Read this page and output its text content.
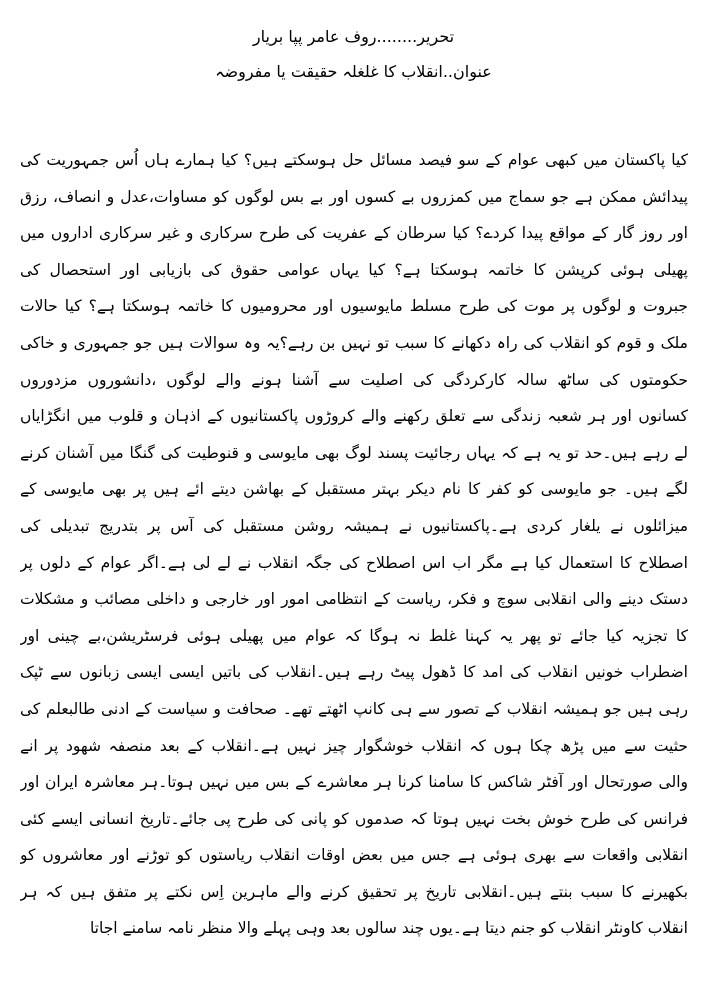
تحریر........روف عامر پپا بریار
عنوان..انقلاب کا غلغلہ حقیقت یا مفروضہ
کیا پاکستان میں کبھی عوام کے سو فیصد مسائل حل ہوسکتے ہیں؟ کیا ہمارے ہاں اُس جمہوریت کی
پیدائش ممکن ہے جو سماج میں کمزروں بے کسوں اور بے بس لوگوں کو مساوات،عدل و انصاف، رزق
اور روز گار کے مواقع پیدا کردے؟ کیا سرطان کے عفریت کی طرح سرکاری و غیر سرکاری اداروں میں
پھیلی ہوئی کرپشن کا خاتمہ ہوسکتا ہے؟ کیا یہاں عوامی حقوق کی بازیابی اور استحصال کی
جبروت و لوگوں پر موت کی طرح مسلط مایوسیوں اور محرومیوں کا خاتمہ ہوسکتا ہے؟ کیا حالات
ملک و قوم کو انقلاب کی راہ دکھانے کا سبب تو نہیں بن رہے؟یہ وہ سوالات ہیں جو جمہوری و خاکی
حکومتوں کی ساٹھ سالہ کارکردگی کی اصلیت سے آشنا ہونے والے لوگوں ،دانشوروں مزدوروں
کسانوں اور ہر شعبہ زندگی سے تعلق رکھنے والے کروڑوں پاکستانیوں کے اذہان و قلوب میں انگڑایاں
لے رہے ہیں۔حد تو یہ ہے کہ یہاں رجائیت پسند لوگ بھی مایوسی و قنوطیت کی گنگا میں آشنان کرنے
لگے ہیں۔ جو مایوسی کو کفر کا نام دیکر بہتر مستقبل کے بھاشن دیتے ائے ہیں پر بھی مایوسی کے
میزائلوں نے یلغار کردی ہے۔پاکستانیوں نے ہمیشہ روشن مستقبل کی آس پر بتدریج تبدیلی کی
اصطلاح کا استعمال کیا ہے مگر اب اس اصطلاح کی جگہ انقلاب نے لے لی ہے۔اگر عوام کے دلوں پر
دستک دینے والی انقلابی سوچ و فکر، ریاست کے انتظامی امور اور خارجی و داخلی مصائب و مشکلات
کا تجزیہ کیا جائے تو پھر یہ کہنا غلط نہ ہوگا کہ عوام میں پھیلی ہوئی فرسٹریشن،بے چینی اور
اضطراب خونیں انقلاب کی امد کا ڈھول پیٹ رہے ہیں۔انقلاب کی باتیں ایسی ایسی زبانوں سے ٹپک
رہی ہیں جو ہمیشہ انقلاب کے تصور سے ہی کانپ اٹھتے تھے۔ صحافت و سیاست کے ادنی طالبعلم کی
حثیت سے میں پڑھ چکا ہوں کہ انقلاب خوشگوار چیز نہیں ہے۔انقلاب کے بعد منصفہ شھود پر انے
والی صورتحال اور آفٹر شاکس کا سامنا کرنا ہر معاشرے کے بس میں نہیں ہوتا۔ہر معاشرہ ایران اور
فرانس کی طرح خوش بخت نہیں ہوتا کہ صدموں کو پانی کی طرح پی جائے۔تاریخ انسانی ایسے کئی
انقلابی واقعات سے بھری ہوئی ہے جس میں بعض اوقات انقلاب ریاستوں کو توڑنے اور معاشروں کو
بکھیرنے کا سبب بنتے ہیں۔انقلابی تاریخ پر تحقیق کرنے والے ماہرین اِس نکتے پر متفق ہیں کہ ہر
انقلاب کاونٹر انقلاب کو جنم دیتا ہے۔یوں چند سالوں بعد وہی پہلے والا منظر نامہ سامنے اجاتا
